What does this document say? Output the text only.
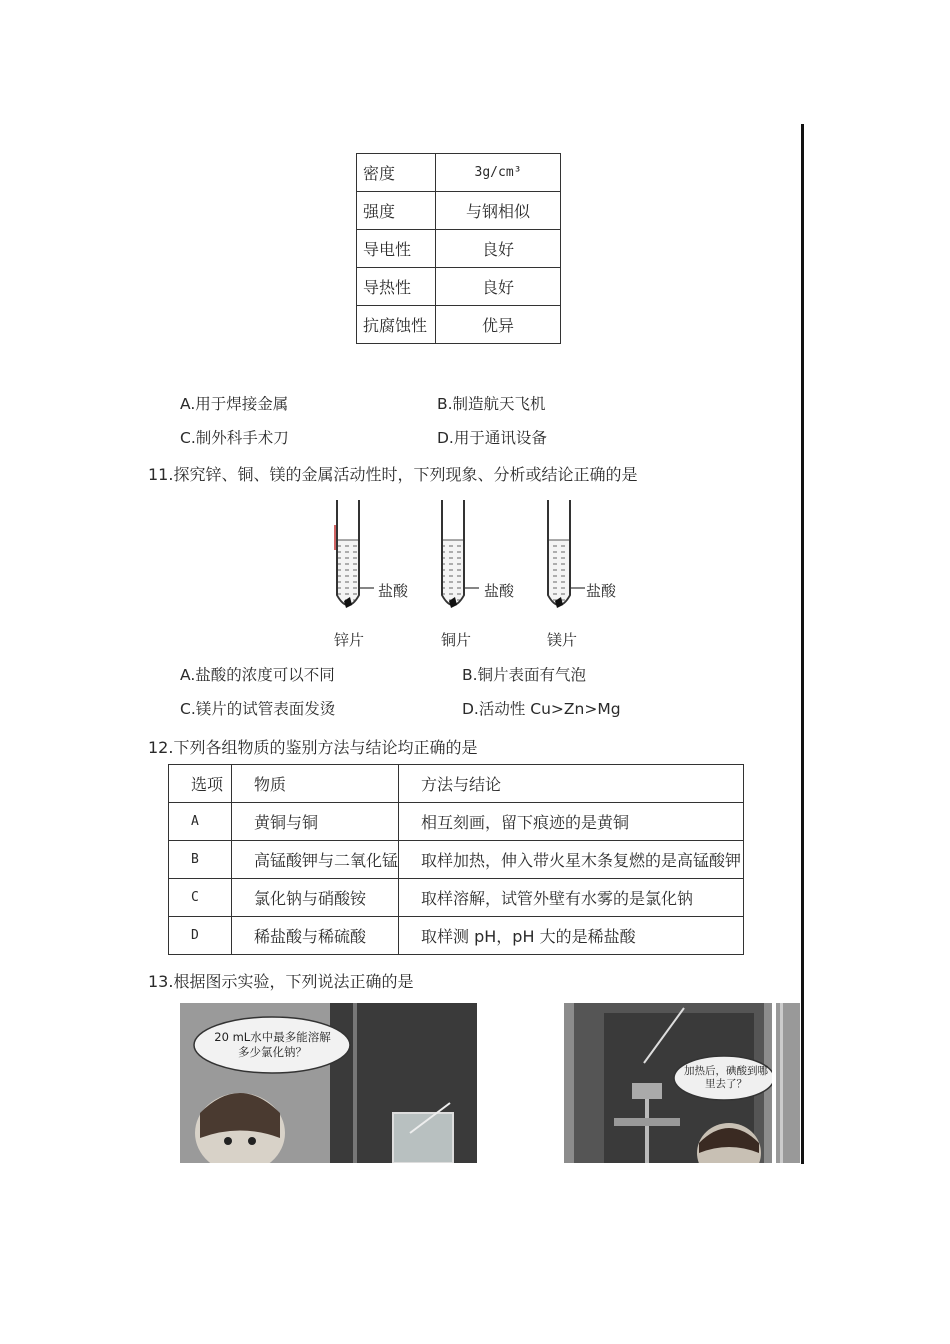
密度	3g/cm³
强度	与钢相似
导电性	良好
导热性	良好
抗腐蚀性	优异
A.用于焊接金属	B.制造航天飞机
C.制外科手术刀	D.用于通讯设备
11.探究锌、铜、镁的金属活动性时，下列现象、分析或结论正确的是
盐酸	盐酸	盐酸
锌片	铜片	镁片
A.盐酸的浓度可以不同	B.铜片表面有气泡
C.镁片的试管表面发烫	D.活动性 Cu>Zn>Mg
12.下列各组物质的鉴别方法与结论均正确的是
选项	物质	方法与结论
A	黄铜与铜	相互刻画，留下痕迹的是黄铜
B	高锰酸钾与二氧化锰	取样加热，伸入带火星木条复燃的是高锰酸钾
C	氯化钠与硝酸铵	取样溶解，试管外壁有水雾的是氯化钠
D	稀盐酸与稀硫酸	取样测 pH，pH 大的是稀盐酸
13.根据图示实验，下列说法正确的是
20 mL水中最多能溶解多少氯化钠？
加热后，碘酸到哪里去了？
